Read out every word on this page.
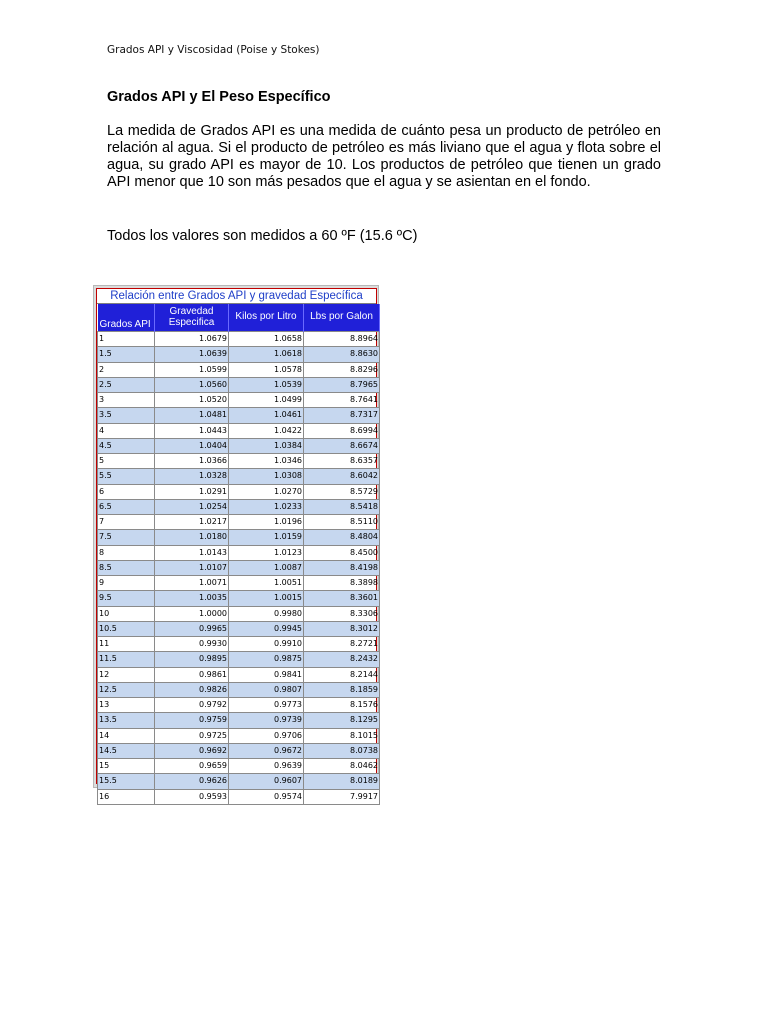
Grados API y Viscosidad (Poise y Stokes)
Grados API y El Peso Específico

La medida de Grados API es una medida de cuánto pesa un producto de petróleo en relación al agua. Si el producto de petróleo es más liviano que el agua y flota sobre el agua, su grado API es mayor de 10. Los productos de petróleo que tienen un grado API menor que 10 son más pesados que el agua y se asientan en el fondo.

Todos los valores son medidos a 60 ºF (15.6 ºC)

Relación entre Grados API y gravedad Específica
Grados API	Gravedad Especifica	Kilos por Litro	Lbs por Galon
1	1.0679	1.0658	8.8964
1.5	1.0639	1.0618	8.8630
2	1.0599	1.0578	8.8296
2.5	1.0560	1.0539	8.7965
3	1.0520	1.0499	8.7641
3.5	1.0481	1.0461	8.7317
4	1.0443	1.0422	8.6994
4.5	1.0404	1.0384	8.6674
5	1.0366	1.0346	8.6357
5.5	1.0328	1.0308	8.6042
6	1.0291	1.0270	8.5729
6.5	1.0254	1.0233	8.5418
7	1.0217	1.0196	8.5110
7.5	1.0180	1.0159	8.4804
8	1.0143	1.0123	8.4500
8.5	1.0107	1.0087	8.4198
9	1.0071	1.0051	8.3898
9.5	1.0035	1.0015	8.3601
10	1.0000	0.9980	8.3306
10.5	0.9965	0.9945	8.3012
11	0.9930	0.9910	8.2721
11.5	0.9895	0.9875	8.2432
12	0.9861	0.9841	8.2144
12.5	0.9826	0.9807	8.1859
13	0.9792	0.9773	8.1576
13.5	0.9759	0.9739	8.1295
14	0.9725	0.9706	8.1015
14.5	0.9692	0.9672	8.0738
15	0.9659	0.9639	8.0462
15.5	0.9626	0.9607	8.0189
16	0.9593	0.9574	7.9917
